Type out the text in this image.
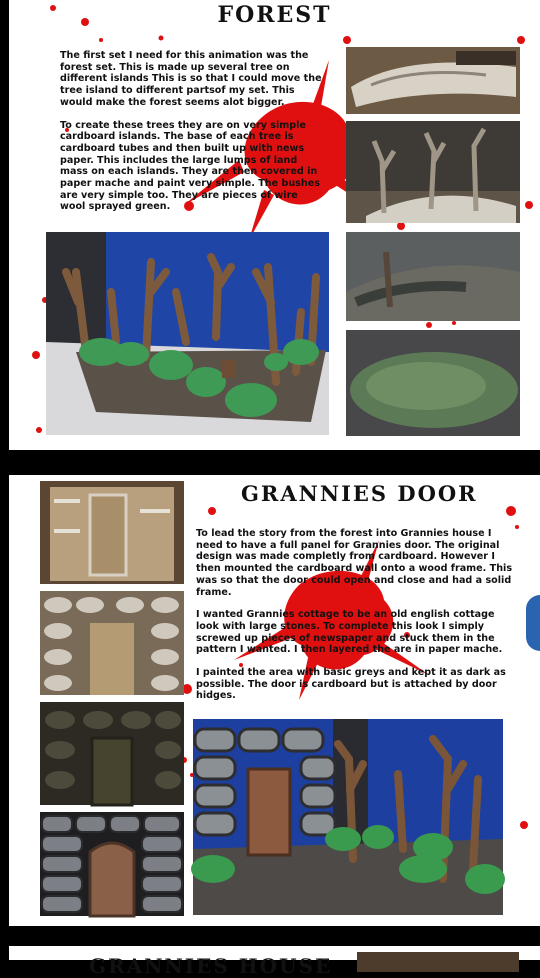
FOREST

The first set I need for this animation was the forest set. This is made up several tree on different islands This is so that I could move the tree island to different partsof my set. This would make the forest seems alot bigger.

To create these trees they are on very simple cardboard islands. The base of each tree is cardboard tubes and then built up with news paper. This includes the large lumps of land mass on each islands. They are then covered in paper mache and paint very simple. The bushes are very simple too. They are pieces of wire wool sprayed green.

GRANNIES DOOR

To lead the story from the forest into Grannies house I need to have a full panel for Grannies door. The original design was made completly from cardboard. However I then mounted the cardboard wall onto a wood frame. This was so that the door could open and close and had a solid frame.

I wanted Grannies cottage to be an old english cottage look with large stones. To complete this look I simply screwed up pieces of newspaper and stuck them in the pattern I wanted. I then layered the are in paper mache.

I painted the area with basic greys and kept it as dark as possible. The door is cardboard but is attached by door hidges.

GRANNIES HOUSE
